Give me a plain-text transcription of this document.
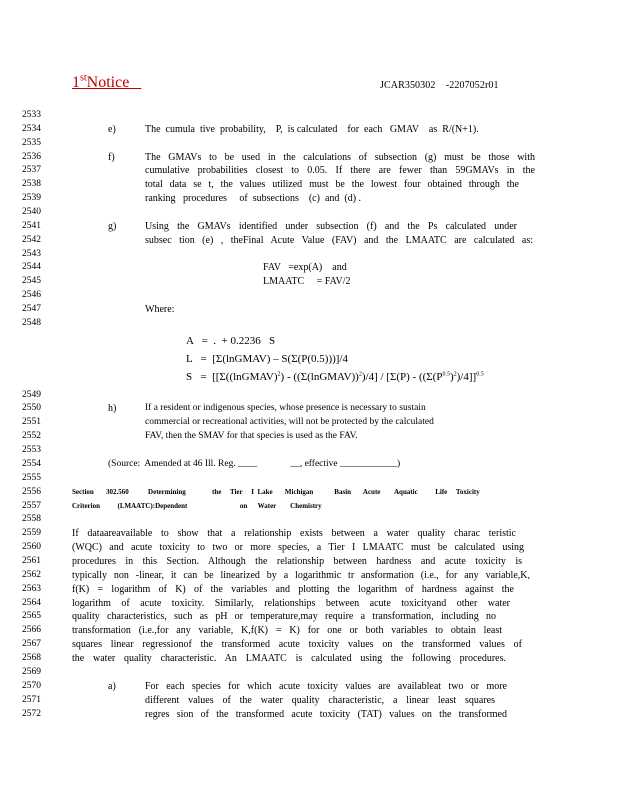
1stNotice	JCAR350302    -2207052r01
2533
2534
2535
2536
2537
2538
2539
2540
2541
2542
2543
2544
2545
2546
2547
2548
2549
2550
2551
2552
2553
2554
2555
2556
2557
2558
2559
2560
2561
2562
2563
2564
2565
2566
2567
2568
2569
2570
2571
2572
e)	The  cumula  tive  probability,    P,  is calculated    for  each   GMAV    as  R/(N+1).
f)	The GMAVs to be used in the calculations of subsection (g) must be those with
cumulative probabilities closest to 0.05. If there are fewer than 59GMAVs in the
total data se t, the values utilized must be the lowest four obtained through the
ranking   procedures     of  subsections    (c)  and  (d) .
g)	Using the GMAVs identified under subsection (f) and the Ps calculated under
subsec tion (e) , theFinal Acute Value (FAV) and the LMAATC are calculated as:
FAV   =exp(A)    and
LMAATC     = FAV/2
Where:
A   =  .  + 0.2236   S
L   =  [Σ(lnGMAV) – S(Σ(P(0.5)))]/4
S   =  [[Σ((lnGMAV)$^2$) - ((Σ(lnGMAV))$^2$)/4] / $[\Sigma(P) - ((\Sigma(P^{0.5})^2)/4]]^{0.5}$
h)	If a resident or indigenous species, whose presence is necessary to sustain
commercial or recreational activities, will not be protected by the calculated
FAV, then the SMAV for that species is used as the FAV.
(Source:  Amended at 46 Ill. Reg. ____              __, effective ____________)
Section       302.560           Determining               the     Tier     I  Lake       Michigan            Basin       Acute        Aquatic          Life     Toxicity
Criterion          (LMAATC):Dependent                              on      Water        Chemistry
If dataareavailable to show that a relationship exists between a water quality charac teristic
(WQC) and acute toxicity to two or more species, a Tier I LMAATC must be calculated using
procedures in this Section. Although the relationship between hardness and acute toxicity is
typically non -linear, it can be linearized by a logarithmic tr ansformation (i.e., for any variable,K,
f(K) = logarithm of K) of the variables and plotting the logarithm of hardness against the
logarithm of acute toxicity. Similarly, relationships between acute toxicityand other water
quality characteristics, such as pH or temperature,may require a transformation, including no
transformation (i.e.,for any variable, K,f(K) = K) for one or both variables to obtain least
squares linear regressionof the transformed acute toxicity values on the transformed values of
the water quality characteristic. An LMAATC is calculated using the following procedures.
a)	For each species for which acute toxicity values are availableat two or more
different values of the water quality characteristic, a linear least squares
regres sion of the transformed acute toxicity (TAT) values on the transformed
